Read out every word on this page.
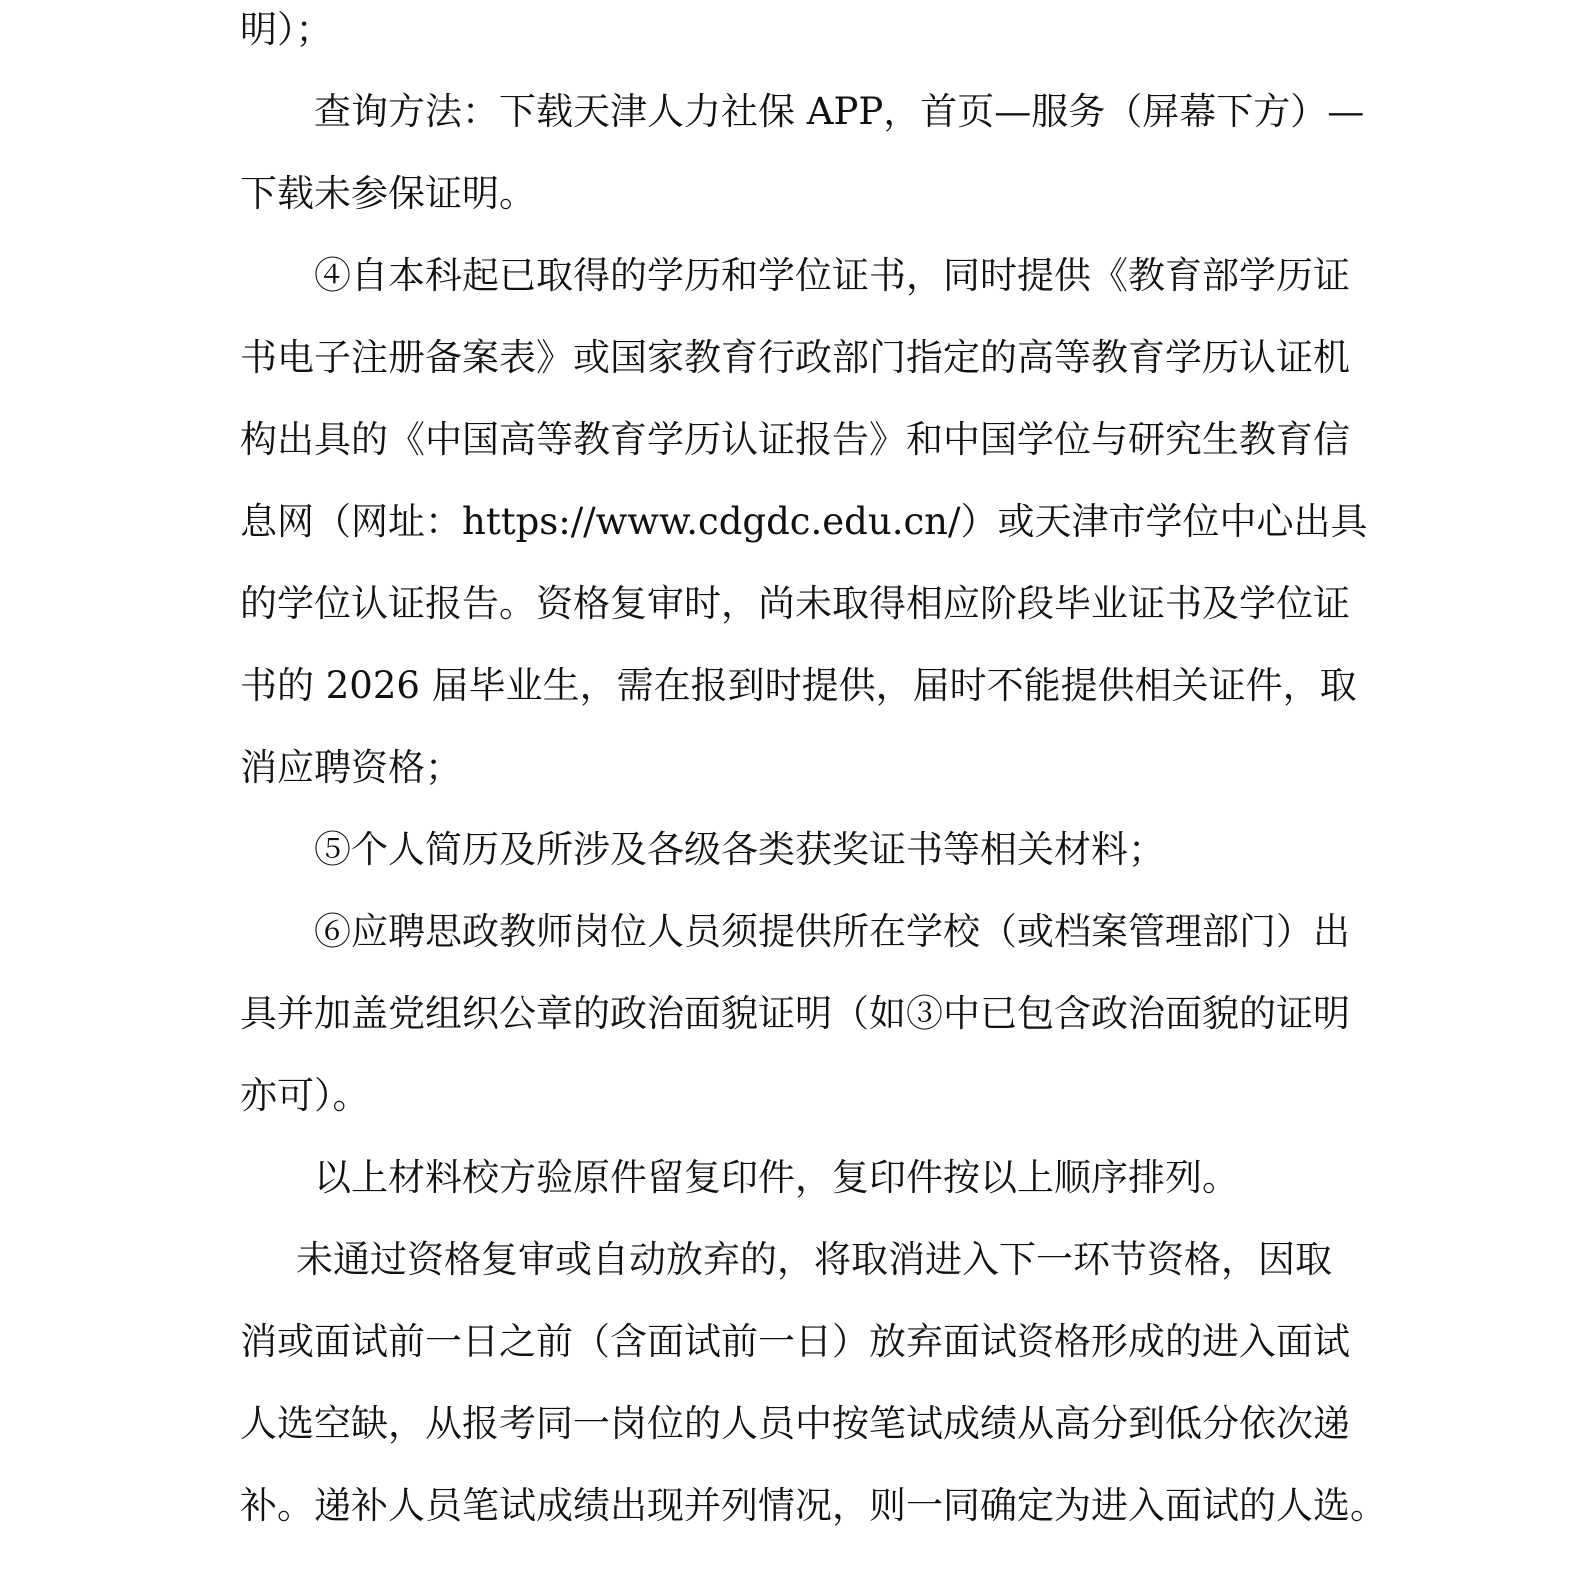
明）；
查询方法：下载天津人力社保 APP，首页—服务（屏幕下方）—
下载未参保证明。
④自本科起已取得的学历和学位证书，同时提供《教育部学历证
书电子注册备案表》或国家教育行政部门指定的高等教育学历认证机
构出具的《中国高等教育学历认证报告》和中国学位与研究生教育信
息网（网址：https://www.cdgdc.edu.cn/）或天津市学位中心出具
的学位认证报告。资格复审时，尚未取得相应阶段毕业证书及学位证
书的 2026 届毕业生，需在报到时提供，届时不能提供相关证件，取
消应聘资格；
⑤个人简历及所涉及各级各类获奖证书等相关材料；
⑥应聘思政教师岗位人员须提供所在学校（或档案管理部门）出
具并加盖党组织公章的政治面貌证明（如③中已包含政治面貌的证明
亦可）。
以上材料校方验原件留复印件，复印件按以上顺序排列。
未通过资格复审或自动放弃的，将取消进入下一环节资格，因取
消或面试前一日之前（含面试前一日）放弃面试资格形成的进入面试
人选空缺，从报考同一岗位的人员中按笔试成绩从高分到低分依次递
补。递补人员笔试成绩出现并列情况，则一同确定为进入面试的人选。
